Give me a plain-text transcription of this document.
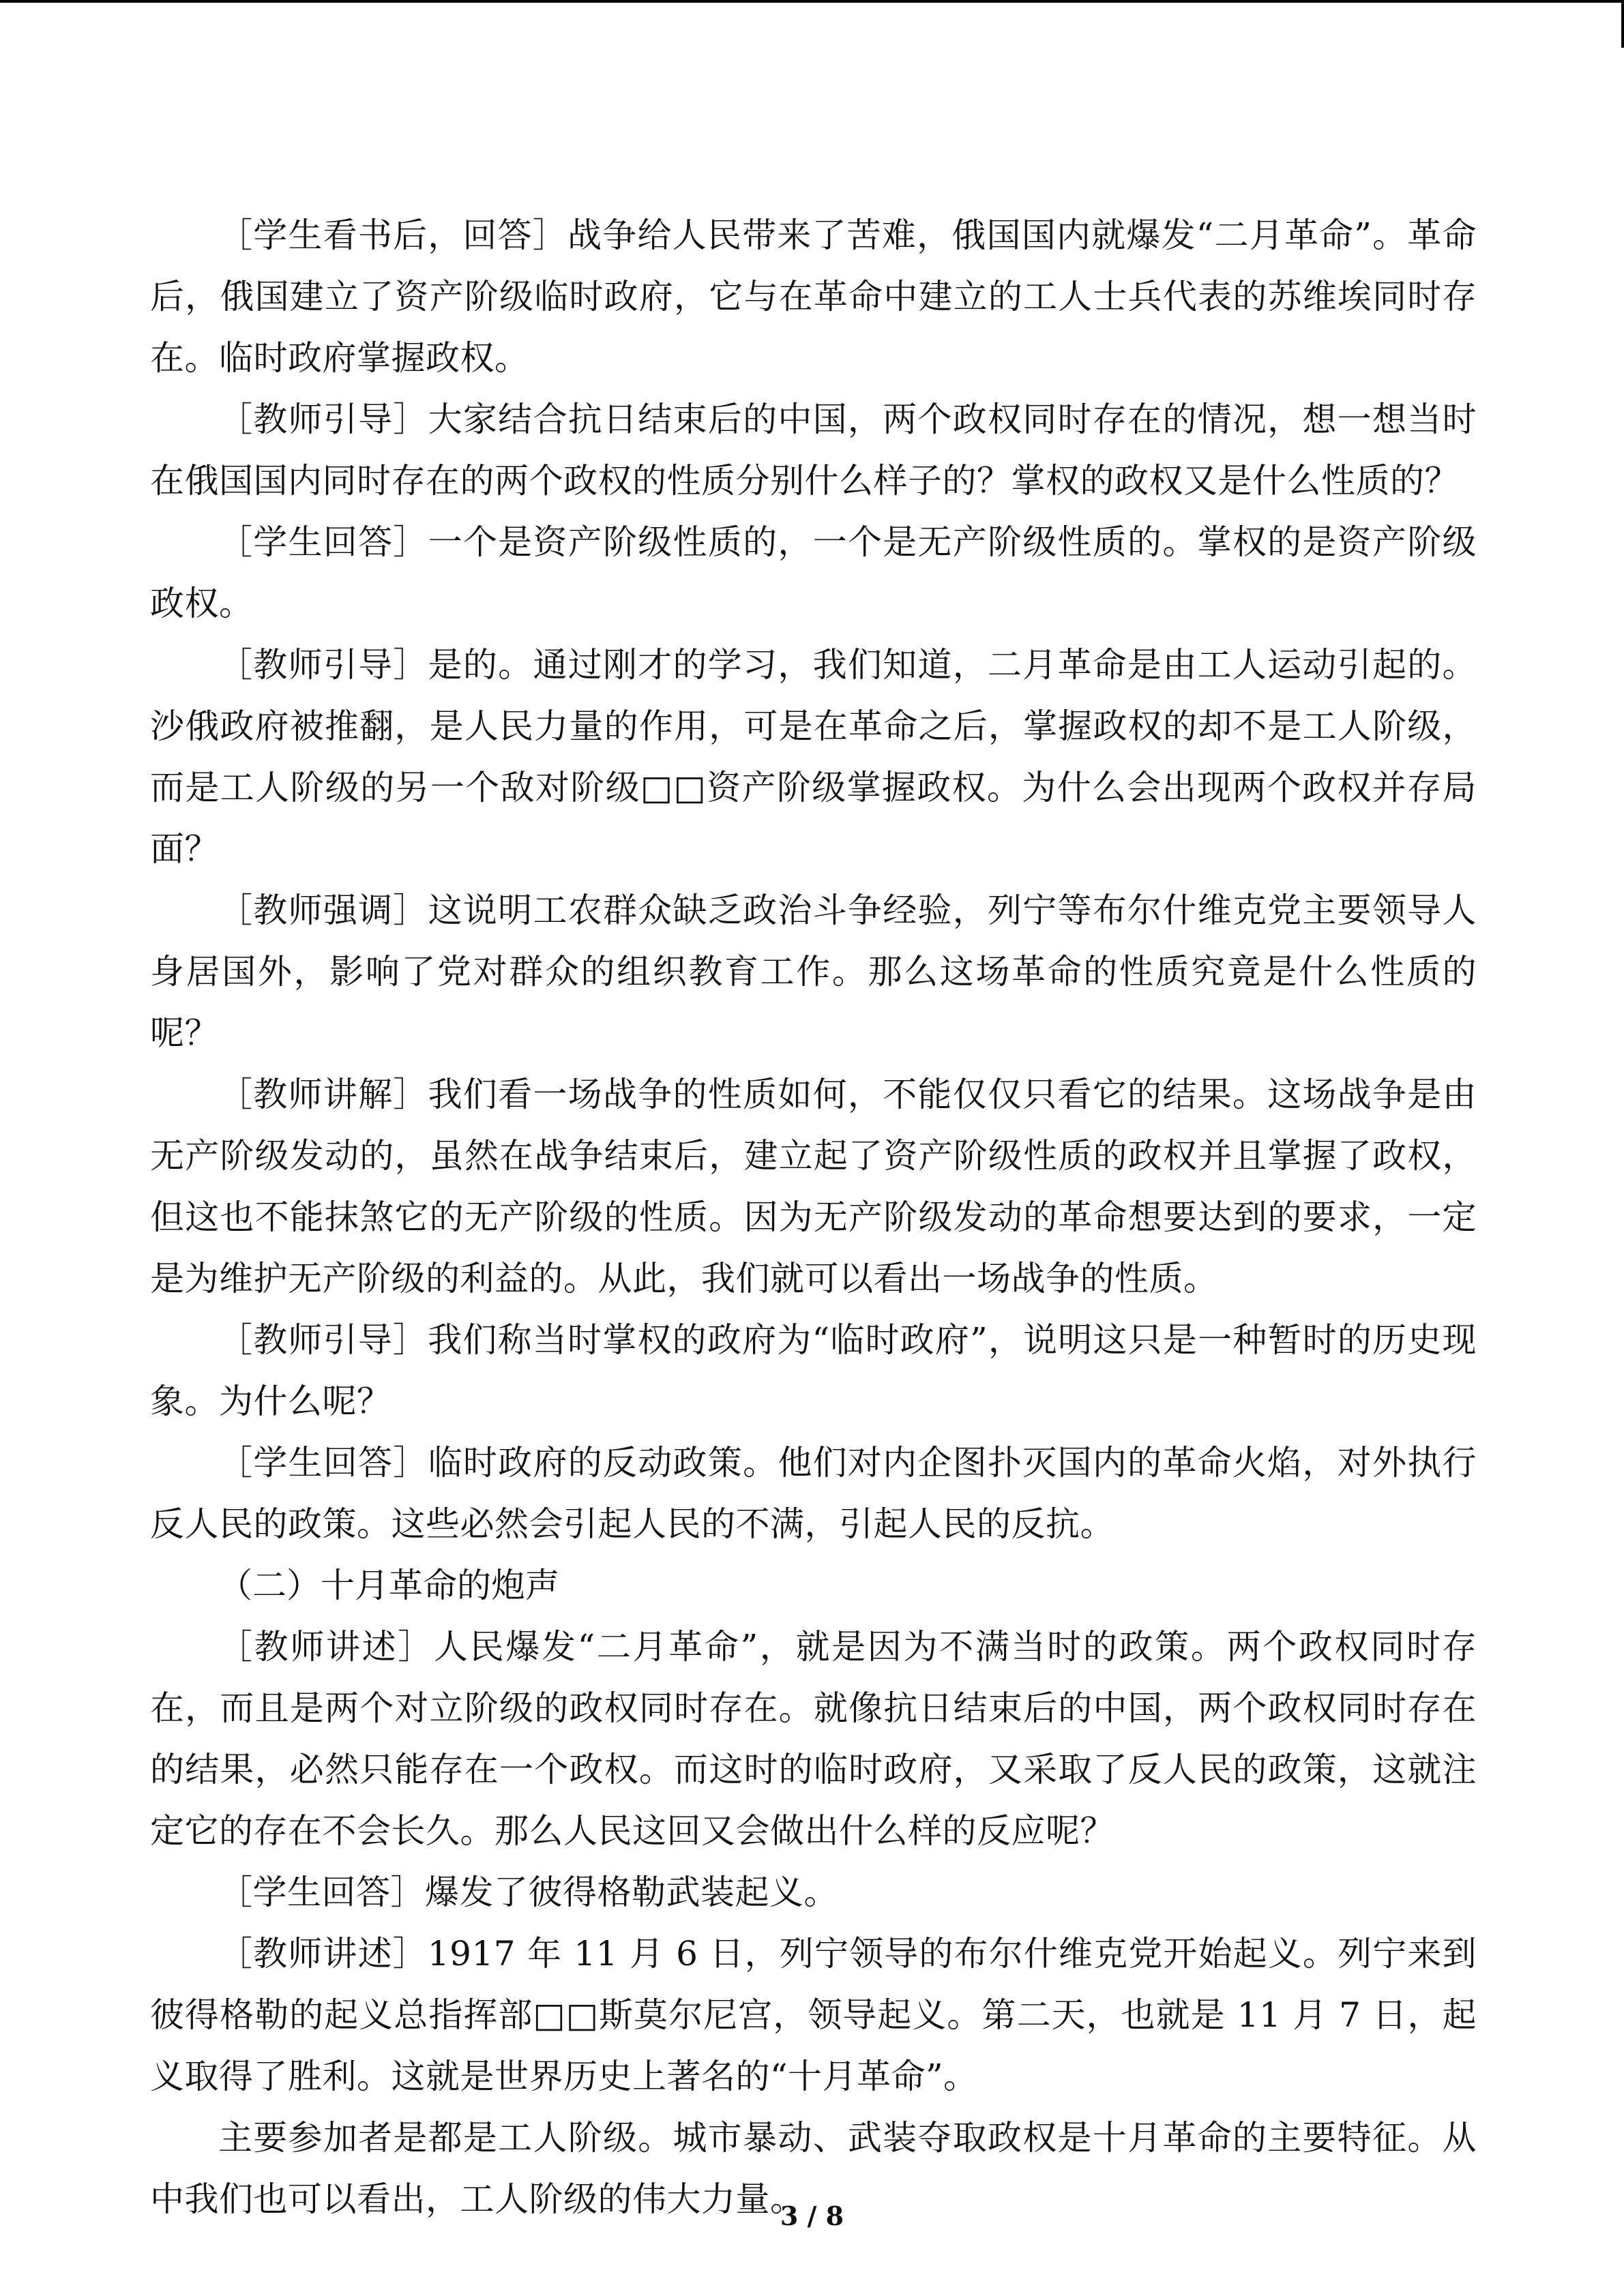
［学生看书后，回答］战争给人民带来了苦难，俄国国内就爆发“二月革命”。革命后，俄国建立了资产阶级临时政府，它与在革命中建立的工人士兵代表的苏维埃同时存在。临时政府掌握政权。

［教师引导］大家结合抗日结束后的中国，两个政权同时存在的情况，想一想当时在俄国国内同时存在的两个政权的性质分别什么样子的？掌权的政权又是什么性质的？

［学生回答］一个是资产阶级性质的，一个是无产阶级性质的。掌权的是资产阶级政权。

［教师引导］是的。通过刚才的学习，我们知道，二月革命是由工人运动引起的。沙俄政府被推翻，是人民力量的作用，可是在革命之后，掌握政权的却不是工人阶级，而是工人阶级的另一个敌对阶级□□资产阶级掌握政权。为什么会出现两个政权并存局面？

［教师强调］这说明工农群众缺乏政治斗争经验，列宁等布尔什维克党主要领导人身居国外，影响了党对群众的组织教育工作。那么这场革命的性质究竟是什么性质的呢？

［教师讲解］我们看一场战争的性质如何，不能仅仅只看它的结果。这场战争是由无产阶级发动的，虽然在战争结束后，建立起了资产阶级性质的政权并且掌握了政权，但这也不能抹煞它的无产阶级的性质。因为无产阶级发动的革命想要达到的要求，一定是为维护无产阶级的利益的。从此，我们就可以看出一场战争的性质。

［教师引导］我们称当时掌权的政府为“临时政府”，说明这只是一种暂时的历史现象。为什么呢？

［学生回答］临时政府的反动政策。他们对内企图扑灭国内的革命火焰，对外执行反人民的政策。这些必然会引起人民的不满，引起人民的反抗。

（二）十月革命的炮声

［教师讲述］人民爆发“二月革命”，就是因为不满当时的政策。两个政权同时存在，而且是两个对立阶级的政权同时存在。就像抗日结束后的中国，两个政权同时存在的结果，必然只能存在一个政权。而这时的临时政府，又采取了反人民的政策，这就注定它的存在不会长久。那么人民这回又会做出什么样的反应呢？

［学生回答］爆发了彼得格勒武装起义。

［教师讲述］1917 年 11 月 6 日，列宁领导的布尔什维克党开始起义。列宁来到彼得格勒的起义总指挥部□□斯莫尔尼宫，领导起义。第二天，也就是 11 月 7 日，起义取得了胜利。这就是世界历史上著名的“十月革命”。

主要参加者是都是工人阶级。城市暴动、武装夺取政权是十月革命的主要特征。从中我们也可以看出，工人阶级的伟大力量。

3 / 8
